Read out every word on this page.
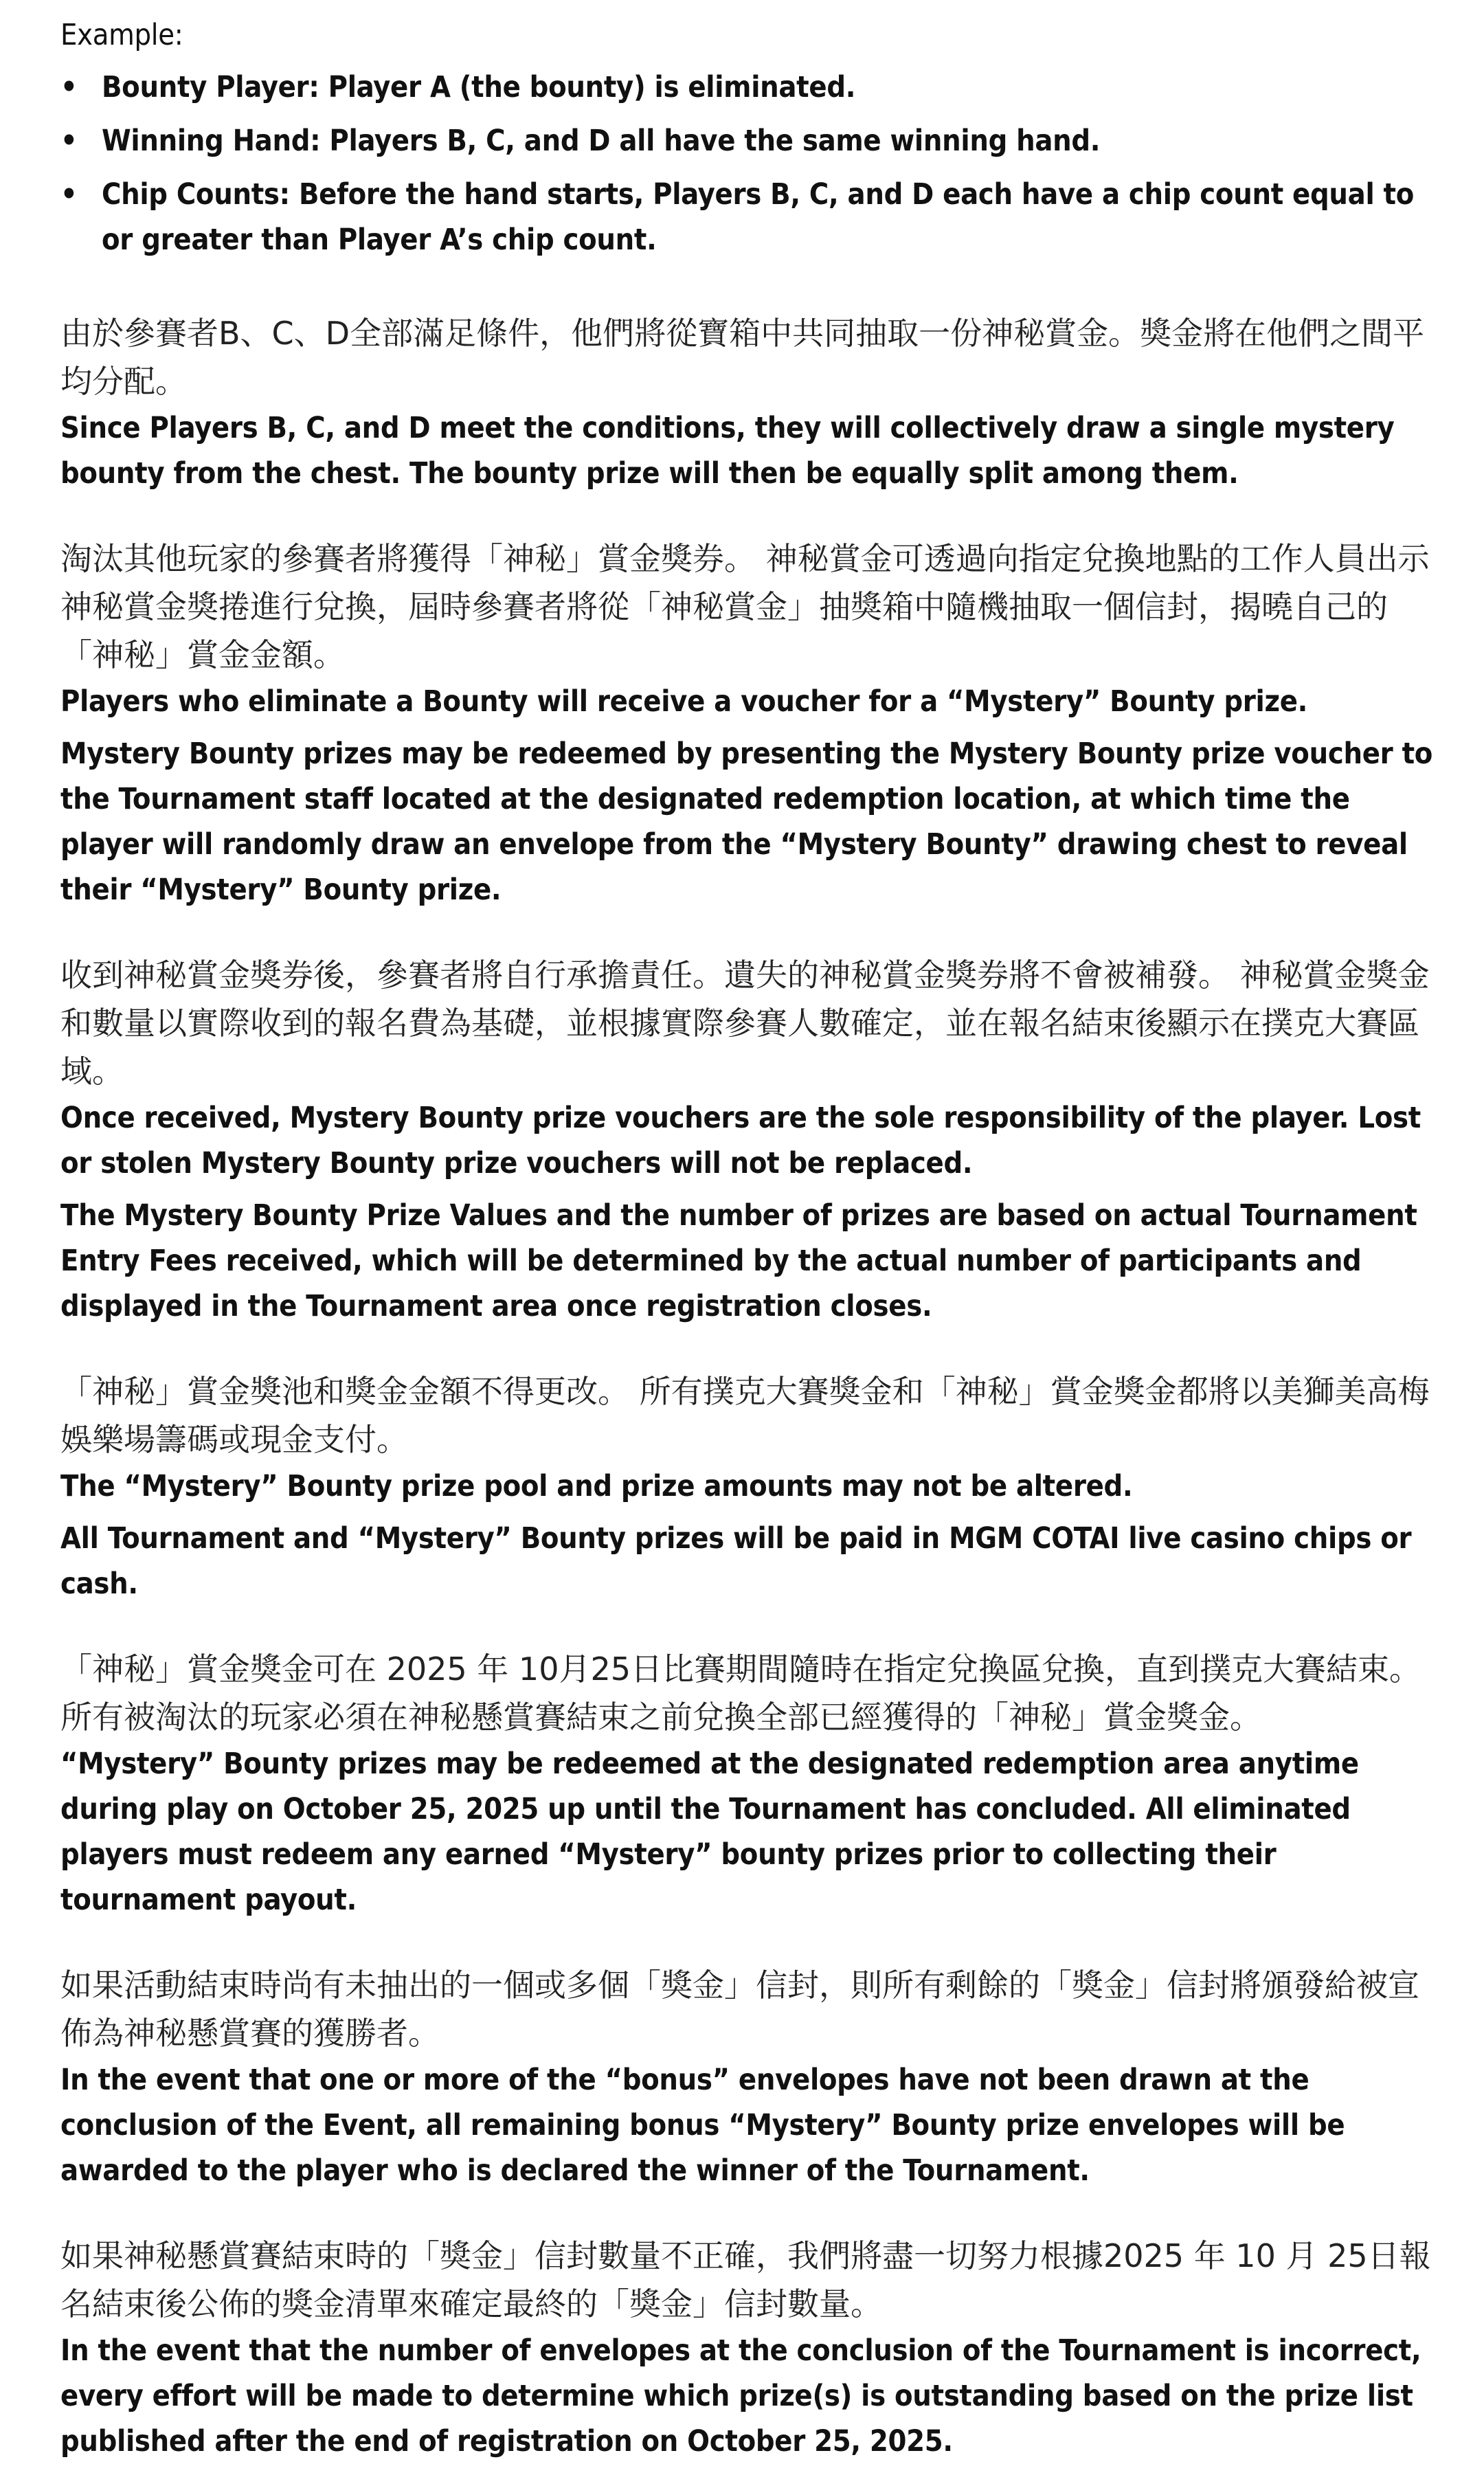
Example:

• Bounty Player: Player A (the bounty) is eliminated.
• Winning Hand: Players B, C, and D all have the same winning hand.
• Chip Counts: Before the hand starts, Players B, C, and D each have a chip count equal to or greater than Player A’s chip count.

由於參賽者B、C、D全部滿足條件，他們將從寶箱中共同抽取一份神秘賞金。獎金將在他們之間平均分配。

Since Players B, C, and D meet the conditions, they will collectively draw a single mystery bounty from the chest. The bounty prize will then be equally split among them.

淘汰其他玩家的參賽者將獲得「神秘」賞金獎券。 神秘賞金可透過向指定兌換地點的工作人員出示神秘賞金獎捲進行兌換，屆時參賽者將從「神秘賞金」抽獎箱中隨機抽取一個信封，揭曉自己的「神秘」賞金金額。

Players who eliminate a Bounty will receive a voucher for a “Mystery” Bounty prize.

Mystery Bounty prizes may be redeemed by presenting the Mystery Bounty prize voucher to the Tournament staff located at the designated redemption location, at which time the player will randomly draw an envelope from the “Mystery Bounty” drawing chest to reveal their “Mystery” Bounty prize.

收到神秘賞金獎券後，參賽者將自行承擔責任。遺失的神秘賞金獎券將不會被補發。 神秘賞金獎金和數量以實際收到的報名費為基礎，並根據實際參賽人數確定，並在報名結束後顯示在撲克大賽區域。

Once received, Mystery Bounty prize vouchers are the sole responsibility of the player. Lost or stolen Mystery Bounty prize vouchers will not be replaced.

The Mystery Bounty Prize Values and the number of prizes are based on actual Tournament Entry Fees received, which will be determined by the actual number of participants and displayed in the Tournament area once registration closes.

「神秘」賞金獎池和獎金金額不得更改。 所有撲克大賽獎金和「神秘」賞金獎金都將以美獅美高梅娛樂場籌碼或現金支付。

The “Mystery” Bounty prize pool and prize amounts may not be altered.

All Tournament and “Mystery” Bounty prizes will be paid in MGM COTAI live casino chips or cash.

「神秘」賞金獎金可在 2025 年 10月25日比賽期間隨時在指定兌換區兌換，直到撲克大賽結束。所有被淘汰的玩家必須在神秘懸賞賽結束之前兌換全部已經獲得的「神秘」賞金獎金。

“Mystery” Bounty prizes may be redeemed at the designated redemption area anytime during play on October 25, 2025 up until the Tournament has concluded. All eliminated players must redeem any earned “Mystery” bounty prizes prior to collecting their tournament payout.

如果活動結束時尚有未抽出的一個或多個「獎金」信封，則所有剩餘的「獎金」信封將頒發給被宣佈為神秘懸賞賽的獲勝者。

In the event that one or more of the “bonus” envelopes have not been drawn at the conclusion of the Event, all remaining bonus “Mystery” Bounty prize envelopes will be awarded to the player who is declared the winner of the Tournament.

如果神秘懸賞賽結束時的「獎金」信封數量不正確，我們將盡一切努力根據2025 年 10 月 25日報名結束後公佈的獎金清單來確定最終的「獎金」信封數量。

In the event that the number of envelopes at the conclusion of the Tournament is incorrect, every effort will be made to determine which prize(s) is outstanding based on the prize list published after the end of registration on October 25, 2025.
